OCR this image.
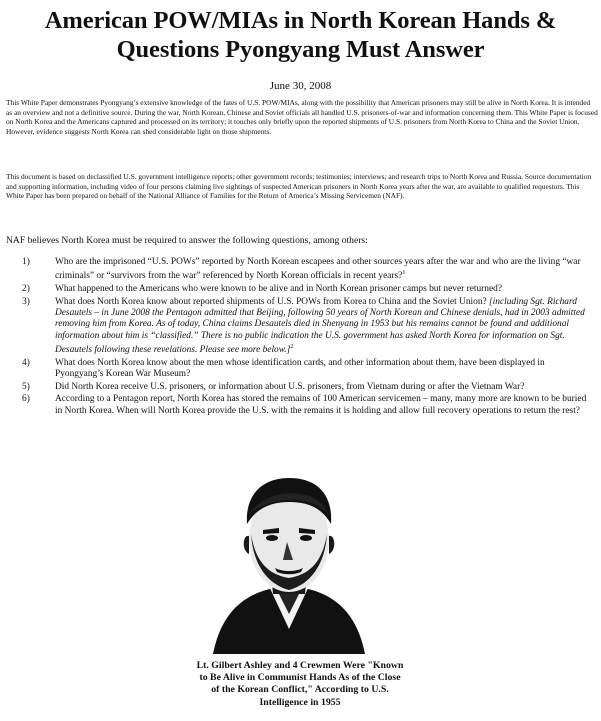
American POW/MIAs in North Korean Hands &
Questions Pyongyang Must Answer
June 30, 2008
This White Paper demonstrates Pyongyang’s extensive knowledge of the fates of U.S. POW/MIAs, along with the possibility that American prisoners may still be alive in North Korea. It is intended as an overview and not a definitive source. During the war, North Korean, Chinese and Soviet officials all handled U.S. prisoners-of-war and information concerning them. This White Paper is focused on North Korea and the Americans captured and processed on its territory; it touches only briefly upon the reported shipments of U.S. prisoners from North Korea to China and the Soviet Union. However, evidence suggests North Korea can shed considerable light on those shipments.
This document is based on declassified U.S. government intelligence reports; other government records; testimonies; interviews; and research trips to North Korea and Russia. Source documentation and supporting information, including video of four persons claiming live sightings of suspected American prisoners in North Korea years after the war, are available to qualified requestors. This White Paper has been prepared on behalf of the National Alliance of Families for the Return of America’s Missing Servicemen (NAF).
NAF believes North Korea must be required to answer the following questions, among others:
1)	Who are the imprisoned “U.S. POWs” reported by North Korean escapees and other sources years after the war and who are the living “war criminals” or “survivors from the war” referenced by North Korean officials in recent years?$^1$
2)	What happened to the Americans who were known to be alive and in North Korean prisoner camps but never returned?
3)	What does North Korea know about reported shipments of U.S. POWs from Korea to China and the Soviet Union? [including Sgt. Richard Desautels – in June 2008 the Pentagon admitted that Beijing, following 50 years of North Korean and Chinese denials, had in 2003 admitted removing him from Korea. As of today, China claims Desautels died in Shenyang in 1953 but his remains cannot be found and additional information about him is “classified.” There is no public indication the U.S. government has asked North Korea for information on Sgt. Desautels following these revelations. Please see more below.]$^2$
4)	What does North Korea know about the men whose identification cards, and other information about them, have been displayed in Pyongyang’s Korean War Museum?
5)	Did North Korea receive U.S. prisoners, or information about U.S. prisoners, from Vietnam during or after the Vietnam War?
6)	According to a Pentagon report, North Korea has stored the remains of 100 American servicemen – many, many more are known to be buried in North Korea. When will North Korea provide the U.S. with the remains it is holding and allow full recovery operations to return the rest?
Lt. Gilbert Ashley and 4 Crewmen Were "Known
to Be Alive in Communist Hands As of the Close
of the Korean Conflict," According to U.S.
Intelligence in 1955
